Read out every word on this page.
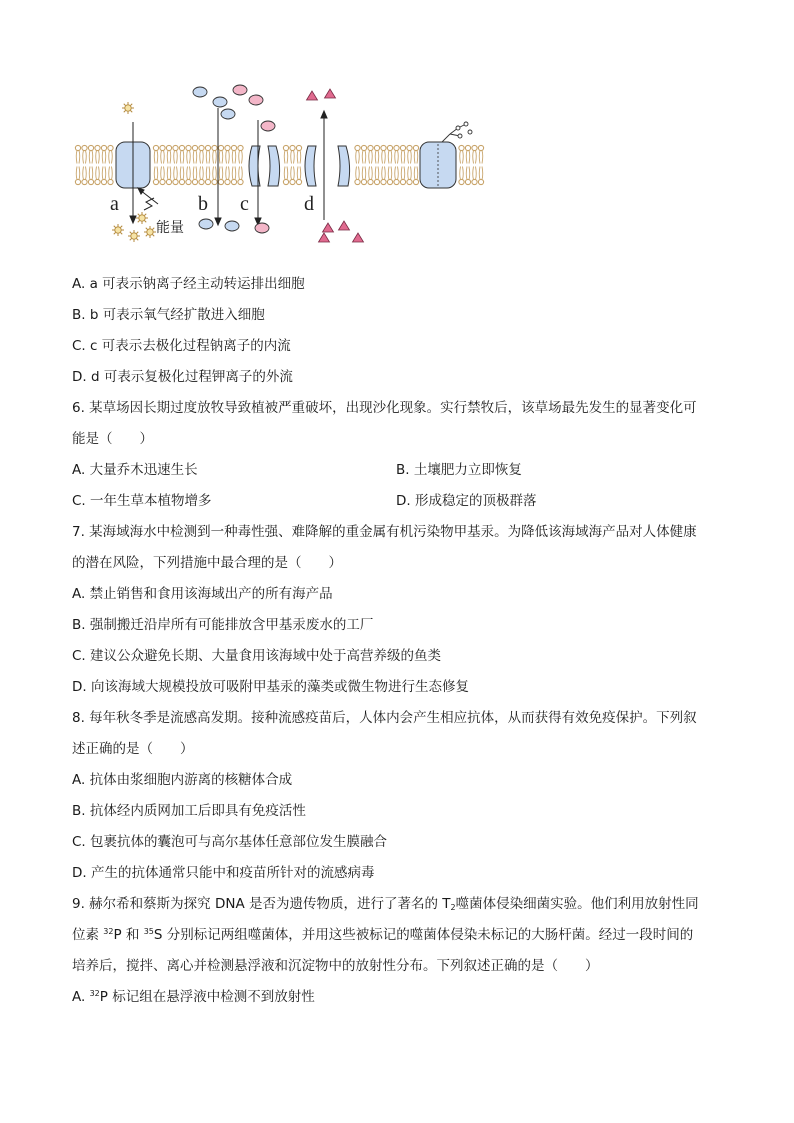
a	b c	d
能量
A. a 可表示钠离子经主动转运排出细胞
B. b 可表示氧气经扩散进入细胞
C. c 可表示去极化过程钠离子的内流
D. d 可表示复极化过程钾离子的外流
6. 某草场因长期过度放牧导致植被严重破坏，出现沙化现象。实行禁牧后，该草场最先发生的显著变化可
能是（　　）
A. 大量乔木迅速生长	B. 土壤肥力立即恢复
C. 一年生草本植物增多	D. 形成稳定的顶极群落
7. 某海域海水中检测到一种毒性强、难降解的重金属有机污染物甲基汞。为降低该海域海产品对人体健康
的潜在风险，下列措施中最合理的是（　　）
A. 禁止销售和食用该海域出产的所有海产品
B. 强制搬迁沿岸所有可能排放含甲基汞废水的工厂
C. 建议公众避免长期、大量食用该海域中处于高营养级的鱼类
D. 向该海域大规模投放可吸附甲基汞的藻类或微生物进行生态修复
8. 每年秋冬季是流感高发期。接种流感疫苗后，人体内会产生相应抗体，从而获得有效免疫保护。下列叙
述正确的是（　　）
A. 抗体由浆细胞内游离的核糖体合成
B. 抗体经内质网加工后即具有免疫活性
C. 包裹抗体的囊泡可与高尔基体任意部位发生膜融合
D. 产生的抗体通常只能中和疫苗所针对的流感病毒
9. 赫尔希和蔡斯为探究 DNA 是否为遗传物质，进行了著名的 $T_2$噬菌体侵染细菌实验。他们利用放射性同
位素 $^{32}$P 和 $^{35}$S 分别标记两组噬菌体，并用这些被标记的噬菌体侵染未标记的大肠杆菌。经过一段时间的
培养后，搅拌、离心并检测悬浮液和沉淀物中的放射性分布。下列叙述正确的是（　　）
A. $^{32}$P 标记组在悬浮液中检测不到放射性
